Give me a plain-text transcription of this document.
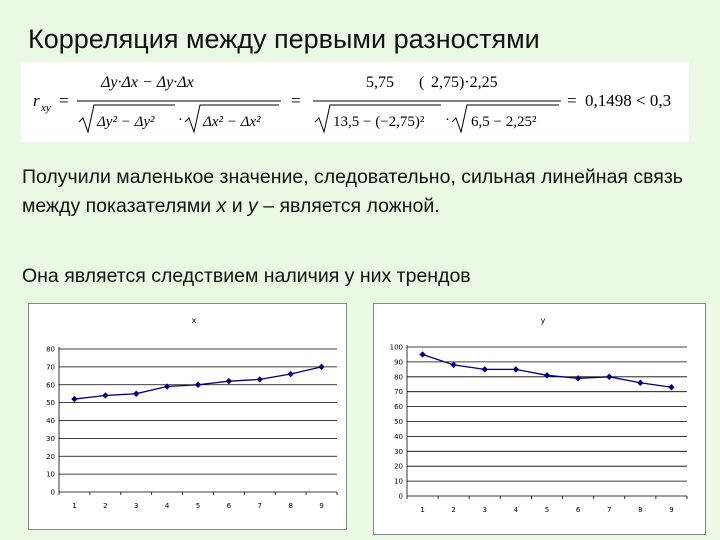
Корреляция между первыми разностями
r xy =
Δy·Δx − Δy·Δx
Δy² − Δy² · Δx² − Δx²
=
5,75 ( 2,75)·2,25
13,5 − (−2,75)² · 6,5 − 2,25²
= 0,1498 < 0,3
Получили маленькое значение, следовательно, сильная линейная связь между показателями x и y – является ложной.
Она является следствием наличия у них трендов
x
0
10
20
30
40
50
60
70
80
1	2	3	4	5	6	7	8	9
y
0
10
20
30
40
50
60
70
80
90
100
1	2	3	4	5	6	7	8	9
